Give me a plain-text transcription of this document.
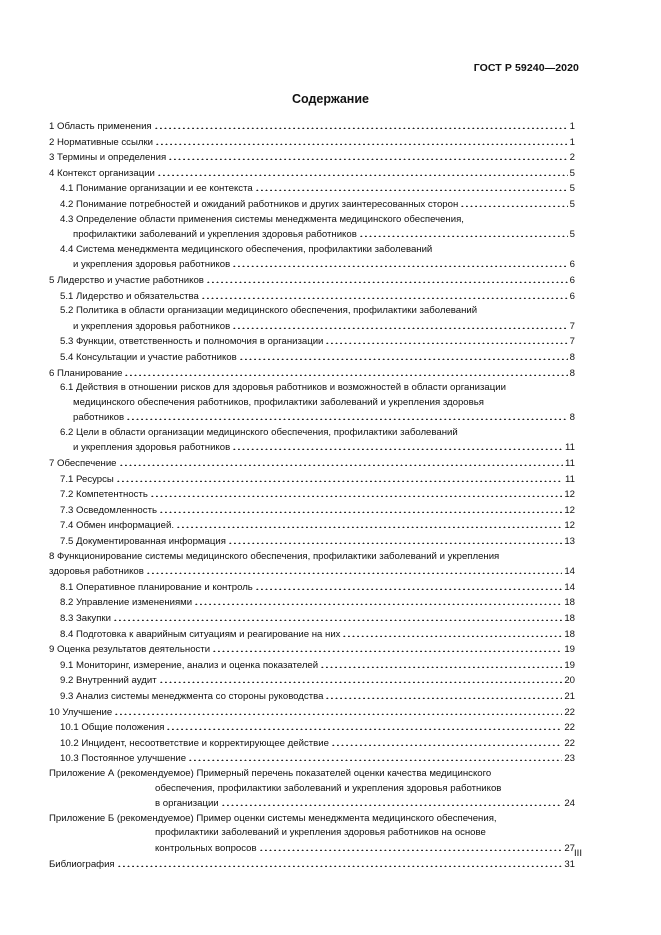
ГОСТ Р 59240—2020
Содержание
1 Область применения	1
2 Нормативные ссылки	1
3 Термины и определения	2
4 Контекст организации	5
4.1 Понимание организации и ее контекста	5
4.2 Понимание потребностей и ожиданий работников и других заинтересованных сторон	5
4.3 Определение области применения системы менеджмента медицинского обеспечения,
профилактики заболеваний и укрепления здоровья работников	5
4.4 Система менеджмента медицинского обеспечения, профилактики заболеваний
и укрепления здоровья работников	6
5 Лидерство и участие работников	6
5.1 Лидерство и обязательства	6
5.2 Политика в области организации медицинского обеспечения, профилактики заболеваний
и укрепления здоровья работников	7
5.3 Функции, ответственность и полномочия в организации	7
5.4 Консультации и участие работников	8
6 Планирование	8
6.1 Действия в отношении рисков для здоровья работников и возможностей в области организации
медицинского обеспечения работников, профилактики заболеваний и укрепления здоровья
работников	8
6.2 Цели в области организации медицинского обеспечения, профилактики заболеваний
и укрепления здоровья работников	11
7 Обеспечение	11
7.1 Ресурсы	11
7.2 Компетентность	12
7.3 Осведомленность	12
7.4 Обмен информацией.	12
7.5 Документированная информация	13
8 Функционирование системы медицинского обеспечения, профилактики заболеваний и укрепления
здоровья работников	14
8.1 Оперативное планирование и контроль	14
8.2 Управление изменениями	18
8.3 Закупки	18
8.4 Подготовка к аварийным ситуациям и реагирование на них	18
9 Оценка результатов деятельности	19
9.1 Мониторинг, измерение, анализ и оценка показателей	19
9.2 Внутренний аудит	20
9.3 Анализ системы менеджмента со стороны руководства	21
10 Улучшение	22
10.1 Общие положения	22
10.2 Инцидент, несоответствие и корректирующее действие	22
10.3 Постоянное улучшение	23
Приложение А (рекомендуемое) Примерный перечень показателей оценки качества медицинского
обеспечения, профилактики заболеваний и укрепления здоровья работников
в организации	24
Приложение Б (рекомендуемое) Пример оценки системы менеджмента медицинского обеспечения,
профилактики заболеваний и укрепления здоровья работников на основе
контрольных вопросов	27
Библиография	31
III
